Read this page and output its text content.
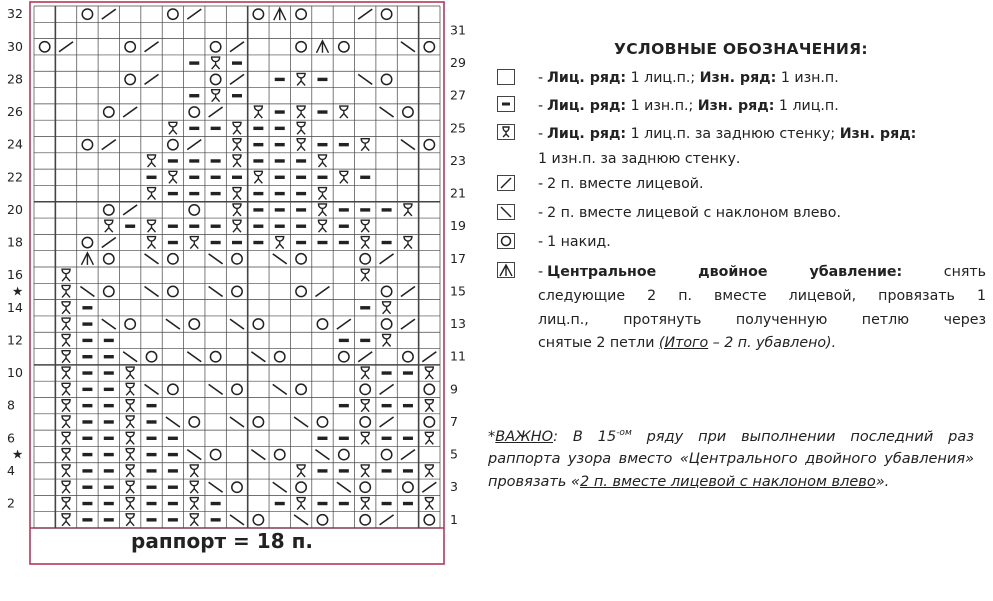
32
30
28
26
24
22
20
18
16
14
12
10
8
6
4
2
31
29
27
25
23
21
19
17
15
13
11
9
7
5
3
1
★
★
раппорт = 18 п.
УСЛОВНЫЕ ОБОЗНАЧЕНИЯ:
- Лиц. ряд: 1 лиц.п.; Изн. ряд: 1 изн.п.
- Лиц. ряд: 1 изн.п.; Изн. ряд: 1 лиц.п.
- Лиц. ряд: 1 лиц.п. за заднюю стенку; Изн. ряд:
1 изн.п. за заднюю стенку.
- 2 п. вместе лицевой.
- 2 п. вместе лицевой с наклоном влево.
- 1 накид.
- Центральное двойное убавление: снять
следующие 2 п. вместе лицевой, провязать 1
лиц.п., протянуть полученную петлю через
снятые 2 петли (Итого – 2 п. убавлено).
*ВАЖНО: В $15^{-ом}$ ряду при выполнении последний раз раппорта узора вместо «Центрального двойного убавления» провязать «2 п. вместе лицевой с наклоном влево».
